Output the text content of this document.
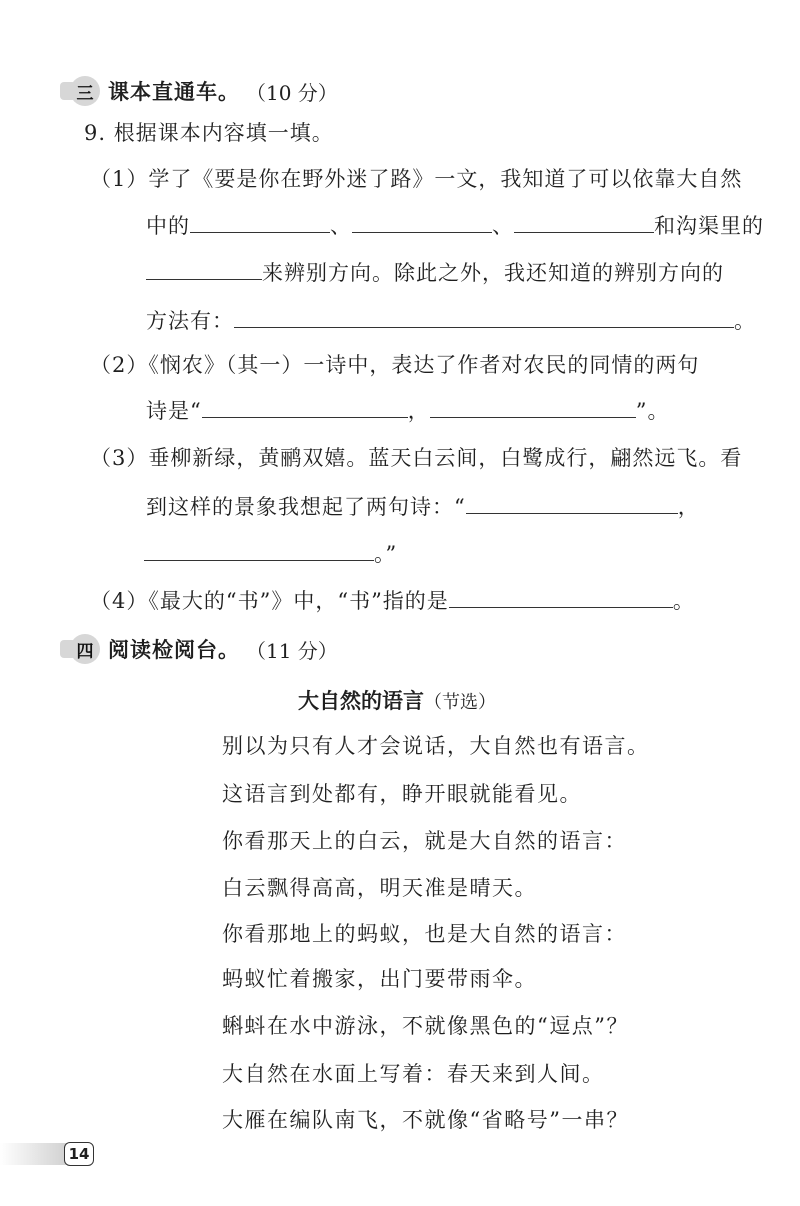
三 课本直通车。 （10 分）
9. 根据课本内容填一填。
（1）学了《要是你在野外迷了路》一文，我知道了可以依靠大自然
中的	、	、	和沟渠里的
来辨别方向。除此之外，我还知道的辨别方向的
方法有：	。
（2）《悯农》（其一）一诗中，表达了作者对农民的同情的两句
诗是“	，	”。
（3）垂柳新绿，黄鹂双嬉。蓝天白云间，白鹭成行，翩然远飞。看
到这样的景象我想起了两句诗：“	，
。”
（4）《最大的“书”》中，“书”指的是	。
四 阅读检阅台。 （11 分）
大自然的语言（节选）
别以为只有人才会说话，大自然也有语言。
这语言到处都有，睁开眼就能看见。
你看那天上的白云，就是大自然的语言：
白云飘得高高，明天准是晴天。
你看那地上的蚂蚁，也是大自然的语言：
蚂蚁忙着搬家，出门要带雨伞。
蝌蚪在水中游泳，不就像黑色的“逗点”？
大自然在水面上写着：春天来到人间。
大雁在编队南飞，不就像“省略号”一串？
14
